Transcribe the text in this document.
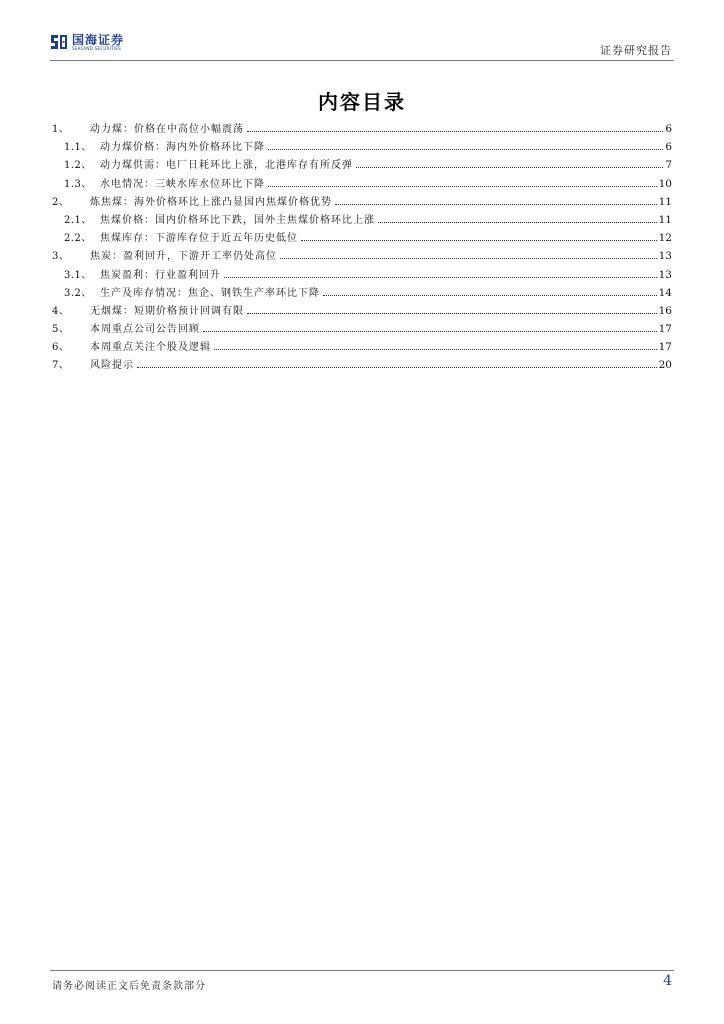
国海证券
SEALAND SECURITIES	证券研究报告
内容目录
1、	动力煤：价格在中高位小幅震荡	6
1.1、 动力煤价格：海内外价格环比下降	6
1.2、 动力煤供需：电厂日耗环比上涨，北港库存有所反弹	7
1.3、 水电情况：三峡水库水位环比下降	10
2、	炼焦煤：海外价格环比上涨凸显国内焦煤价格优势	11
2.1、 焦煤价格：国内价格环比下跌，国外主焦煤价格环比上涨	11
2.2、 焦煤库存：下游库存位于近五年历史低位	12
3、	焦炭：盈利回升，下游开工率仍处高位	13
3.1、 焦炭盈利：行业盈利回升	13
3.2、 生产及库存情况：焦企、钢铁生产率环比下降	14
4、	无烟煤：短期价格预计回调有限	16
5、	本周重点公司公告回顾	17
6、	本周重点关注个股及逻辑	17
7、	风险提示	20
请务必阅读正文后免责条款部分	4
